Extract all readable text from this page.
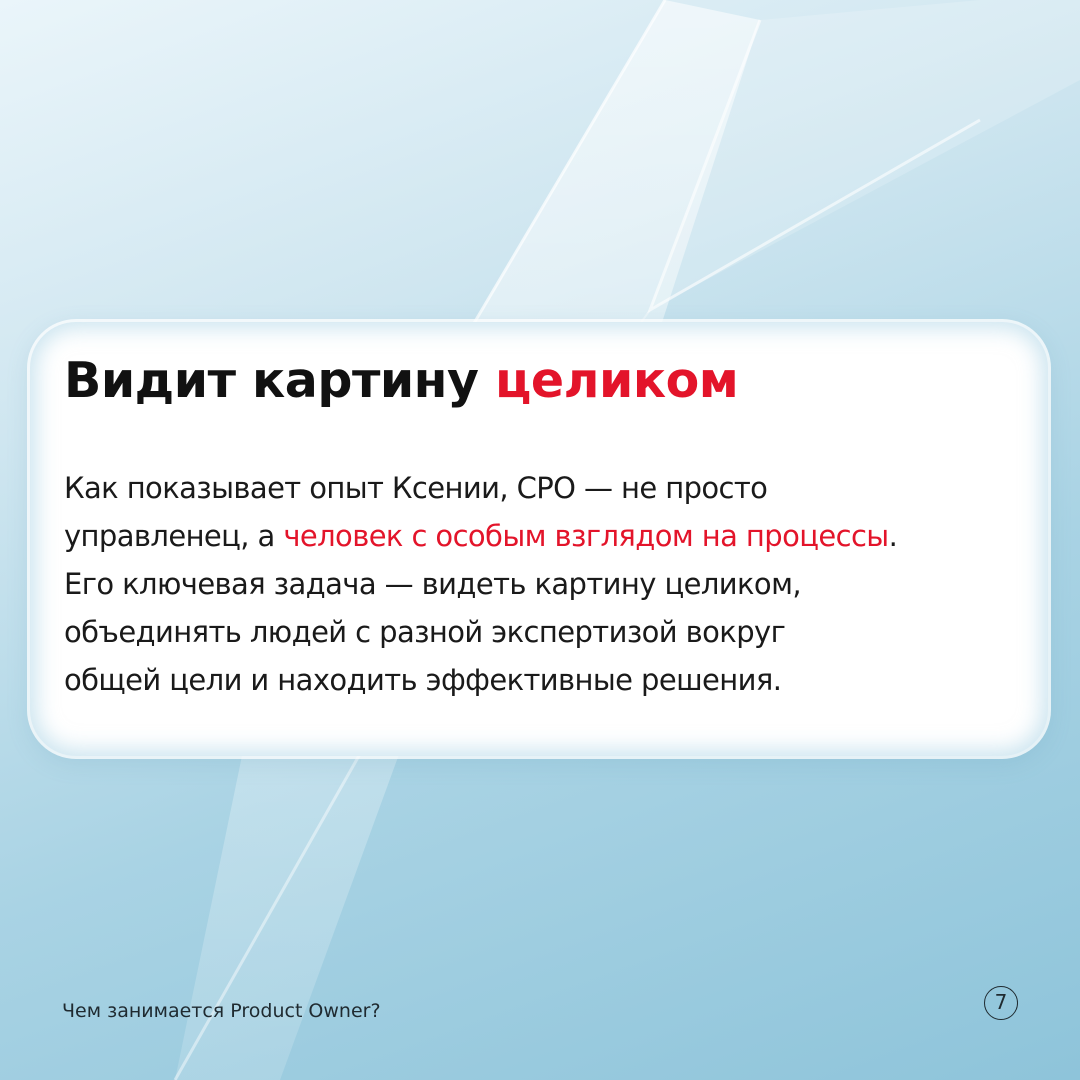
Видит картину целиком
Как показывает опыт Ксении, CPO — не просто
управленец, а человек с особым взглядом на процессы.
Его ключевая задача — видеть картину целиком,
объединять людей с разной экспертизой вокруг
общей цели и находить эффективные решения.
Чем занимается Product Owner?	7
